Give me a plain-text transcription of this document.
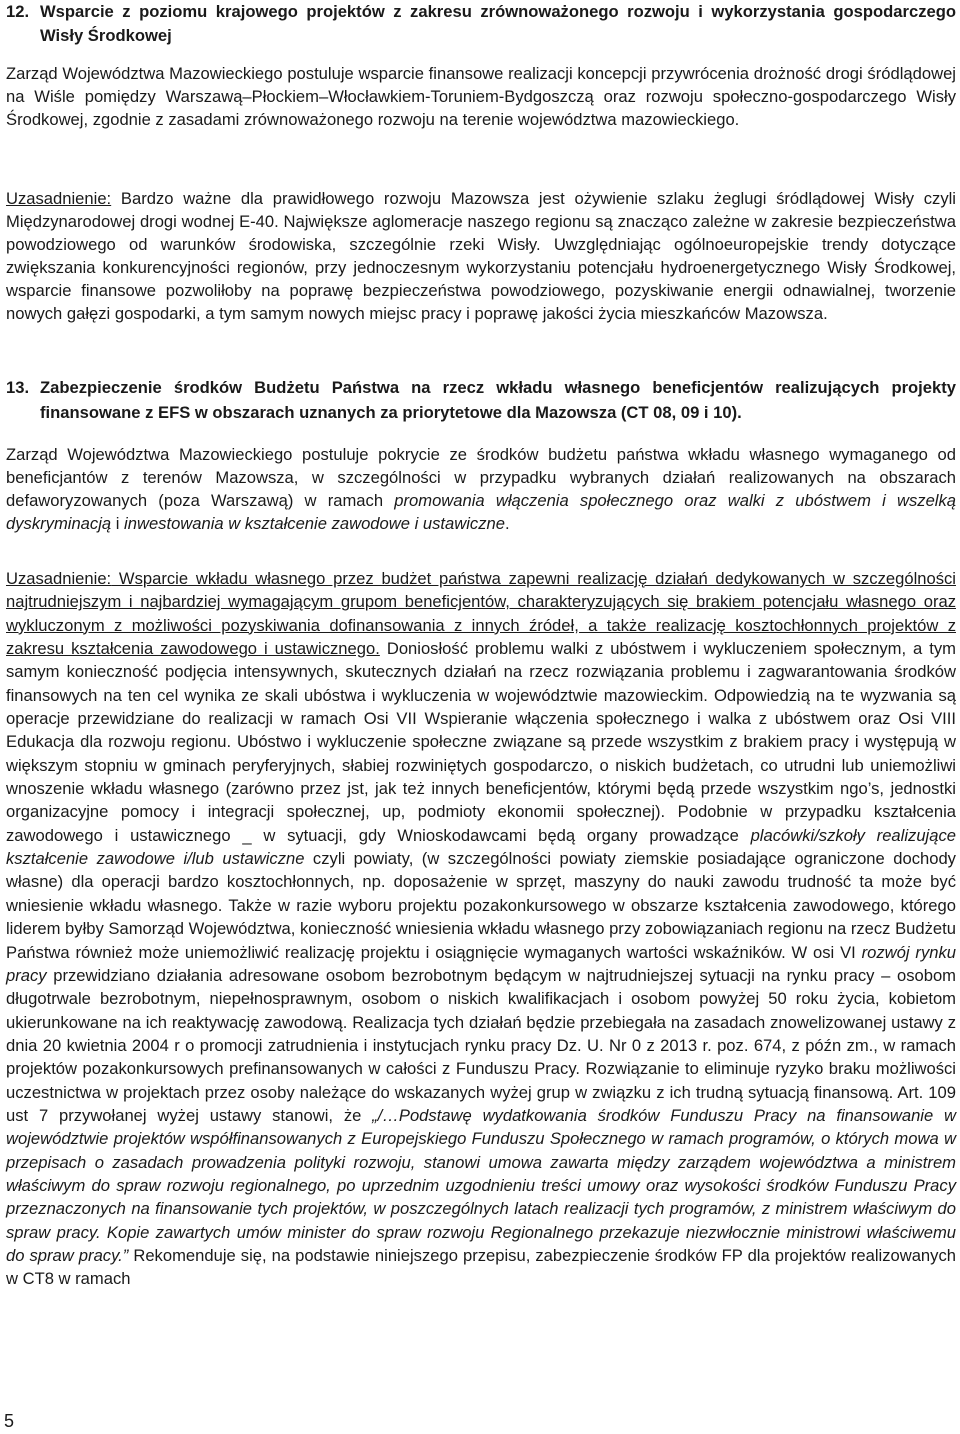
12. Wsparcie z poziomu krajowego projektów z zakresu zrównoważonego rozwoju i wykorzystania gospodarczego Wisły Środkowej

Zarząd Województwa Mazowieckiego postuluje wsparcie finansowe realizacji koncepcji przywrócenia drożność drogi śródlądowej na Wiśle pomiędzy Warszawą–Płockiem–Włocławkiem-Toruniem-Bydgoszczą oraz rozwoju społeczno-gospodarczego Wisły Środkowej, zgodnie z zasadami zrównoważonego rozwoju na terenie województwa mazowieckiego.

Uzasadnienie: Bardzo ważne dla prawidłowego rozwoju Mazowsza jest ożywienie szlaku żeglugi śródlądowej Wisły czyli Międzynarodowej drogi wodnej E-40. Największe aglomeracje naszego regionu są znacząco zależne w zakresie bezpieczeństwa powodziowego od warunków środowiska, szczególnie rzeki Wisły. Uwzględniając ogólnoeuropejskie trendy dotyczące zwiększania konkurencyjności regionów, przy jednoczesnym wykorzystaniu potencjału hydroenergetycznego Wisły Środkowej, wsparcie finansowe pozwoliłoby na poprawę bezpieczeństwa powodziowego, pozyskiwanie energii odnawialnej, tworzenie nowych gałęzi gospodarki, a tym samym nowych miejsc pracy i poprawę jakości życia mieszkańców Mazowsza.

13. Zabezpieczenie środków Budżetu Państwa na rzecz wkładu własnego beneficjentów realizujących projekty finansowane z EFS w obszarach uznanych za priorytetowe dla Mazowsza (CT 08, 09 i 10).

Zarząd Województwa Mazowieckiego postuluje pokrycie ze środków budżetu państwa wkładu własnego wymaganego od beneficjantów z terenów Mazowsza, w szczególności w przypadku wybranych działań realizowanych na obszarach defaworyzowanych (poza Warszawą) w ramach promowania włączenia społecznego oraz walki z ubóstwem i wszelką dyskryminacją i inwestowania w kształcenie zawodowe i ustawiczne.

Uzasadnienie: Wsparcie wkładu własnego przez budżet państwa zapewni realizację działań dedykowanych w szczególności najtrudniejszym i najbardziej wymagającym grupom beneficjentów, charakteryzujących się brakiem potencjału własnego oraz wykluczonym z możliwości pozyskiwania dofinansowania z innych źródeł, a także realizację kosztochłonnych projektów z zakresu kształcenia zawodowego i ustawicznego. Doniosłość problemu walki z ubóstwem i wykluczeniem społecznym, a tym samym konieczność podjęcia intensywnych, skutecznych działań na rzecz rozwiązania problemu i zagwarantowania środków finansowych na ten cel wynika ze skali ubóstwa i wykluczenia w województwie mazowieckim. Odpowiedzią na te wyzwania są operacje przewidziane do realizacji w ramach Osi VII Wspieranie włączenia społecznego i walka z ubóstwem oraz Osi VIII Edukacja dla rozwoju regionu. Ubóstwo i wykluczenie społeczne związane są przede wszystkim z brakiem pracy i występują w większym stopniu w gminach peryferyjnych, słabiej rozwiniętych gospodarczo, o niskich budżetach, co utrudni lub uniemożliwi wnoszenie wkładu własnego (zarówno przez jst, jak też innych beneficjentów, którymi będą przede wszystkim ngo’s, jednostki organizacyjne pomocy i integracji społecznej, up, podmioty ekonomii społecznej). Podobnie w przypadku kształcenia zawodowego i ustawicznego _ w sytuacji, gdy Wnioskodawcami będą organy prowadzące placówki/szkoły realizujące kształcenie zawodowe i/lub ustawiczne czyli powiaty, (w szczególności powiaty ziemskie posiadające ograniczone dochody własne) dla operacji bardzo kosztochłonnych, np. doposażenie w sprzęt, maszyny do nauki zawodu trudność ta może być wniesienie wkładu własnego. Także w razie wyboru projektu pozakonkursowego w obszarze kształcenia zawodowego, którego liderem byłby Samorząd Województwa, konieczność wniesienia wkładu własnego przy zobowiązaniach regionu na rzecz Budżetu Państwa również może uniemożliwić realizację projektu i osiągnięcie wymaganych wartości wskaźników. W osi VI rozwój rynku pracy przewidziano działania adresowane osobom bezrobotnym będącym w najtrudniejszej sytuacji na rynku pracy – osobom długotrwale bezrobotnym, niepełnosprawnym, osobom o niskich kwalifikacjach i osobom powyżej 50 roku życia, kobietom ukierunkowane na ich reaktywację zawodową. Realizacja tych działań będzie przebiegała na zasadach znowelizowanej ustawy z dnia 20 kwietnia 2004 r o promocji zatrudnienia i instytucjach rynku pracy Dz. U. Nr 0 z 2013 r. poz. 674, z późn zm., w ramach projektów pozakonkursowych prefinansowanych w całości z Funduszu Pracy. Rozwiązanie to eliminuje ryzyko braku możliwości uczestnictwa w projektach przez osoby należące do wskazanych wyżej grup w związku z ich trudną sytuacją finansową. Art. 109 ust 7 przywołanej wyżej ustawy stanowi, że „/…Podstawę wydatkowania środków Funduszu Pracy na finansowanie w województwie projektów współfinansowanych z Europejskiego Funduszu Społecznego w ramach programów, o których mowa w przepisach o zasadach prowadzenia polityki rozwoju, stanowi umowa zawarta między zarządem województwa a ministrem właściwym do spraw rozwoju regionalnego, po uprzednim uzgodnieniu treści umowy oraz wysokości środków Funduszu Pracy przeznaczonych na finansowanie tych projektów, w poszczególnych latach realizacji tych programów, z ministrem właściwym do spraw pracy. Kopie zawartych umów minister do spraw rozwoju Regionalnego przekazuje niezwłocznie ministrowi właściwemu do spraw pracy.” Rekomenduje się, na podstawie niniejszego przepisu, zabezpieczenie środków FP dla projektów realizowanych w CT8 w ramach

5
